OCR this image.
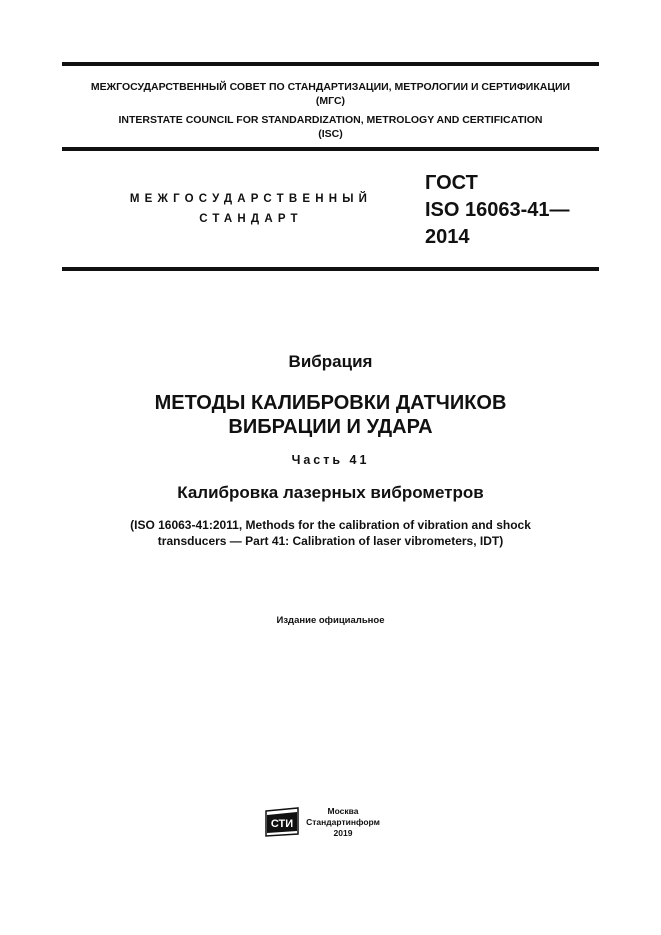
МЕЖГОСУДАРСТВЕННЫЙ СОВЕТ ПО СТАНДАРТИЗАЦИИ, МЕТРОЛОГИИ И СЕРТИФИКАЦИИ
(МГС)
INTERSTATE COUNCIL FOR STANDARDIZATION, METROLOGY AND CERTIFICATION
(ISC)
МЕЖГОСУДАРСТВЕННЫЙ
СТАНДАРТ
ГОСТ
ISO 16063-41—
2014
Вибрация
МЕТОДЫ КАЛИБРОВКИ ДАТЧИКОВ
ВИБРАЦИИ И УДАРА
Часть 41
Калибровка лазерных виброметров
(ISO 16063-41:2011, Methods for the calibration of vibration and shock
transducers — Part 41: Calibration of laser vibrometers, IDT)
Издание официальное
СТИ
Москва
Стандартинформ
2019
